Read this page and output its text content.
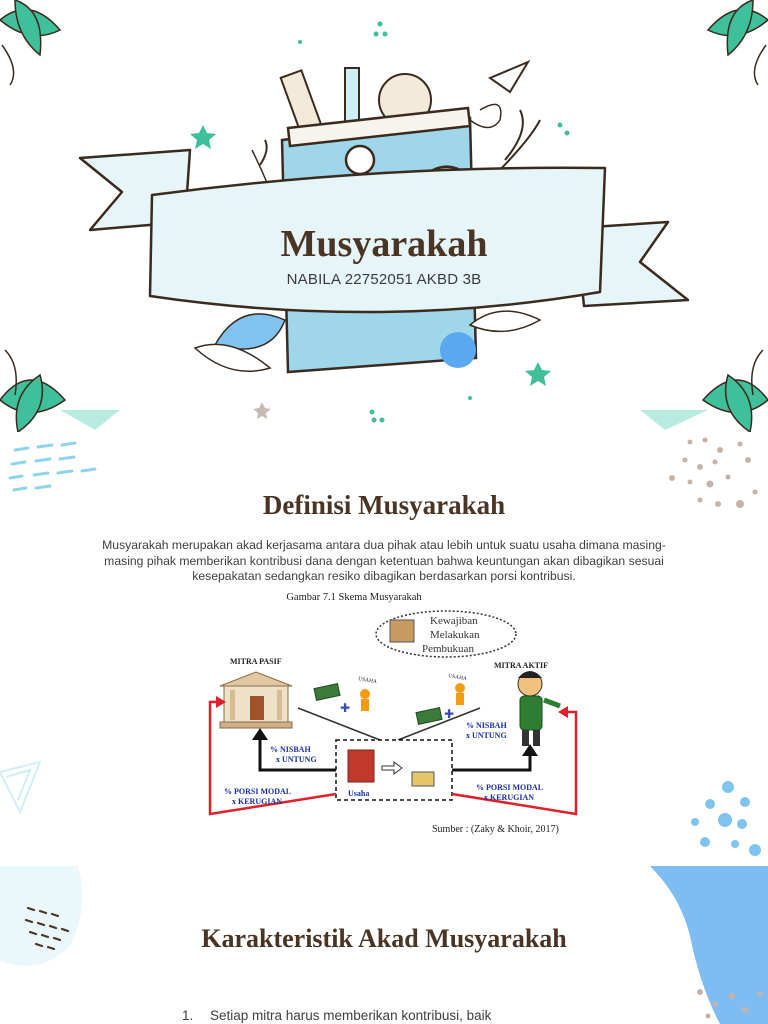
Musyarakah
NABILA 22752051 AKBD 3B
Definisi Musyarakah

Musyarakah merupakan akad kerjasama antara dua pihak atau lebih untuk suatu usaha dimana masing-masing pihak memberikan kontribusi dana dengan ketentuan bahwa keuntungan akan dibagikan sesuai kesepakatan sedangkan resiko dibagikan berdasarkan porsi kontribusi.

Gambar 7.1 Skema Musyarakah
Kewajiban
Melakukan
Pembukuan
MITRA PASIF	MITRA AKTIF
✚	✚
USAHA	USAHA
Usaha
% NISBAH
x UNTUNG
% NISBAH
x UNTUNG
% PORSI MODAL
x KERUGIAN
% PORSI MODAL
x KERUGIAN
Sumber : (Zaky & Khoir, 2017)
Karakteristik Akad Musyarakah
1. Setiap mitra harus memberikan kontribusi, baik
